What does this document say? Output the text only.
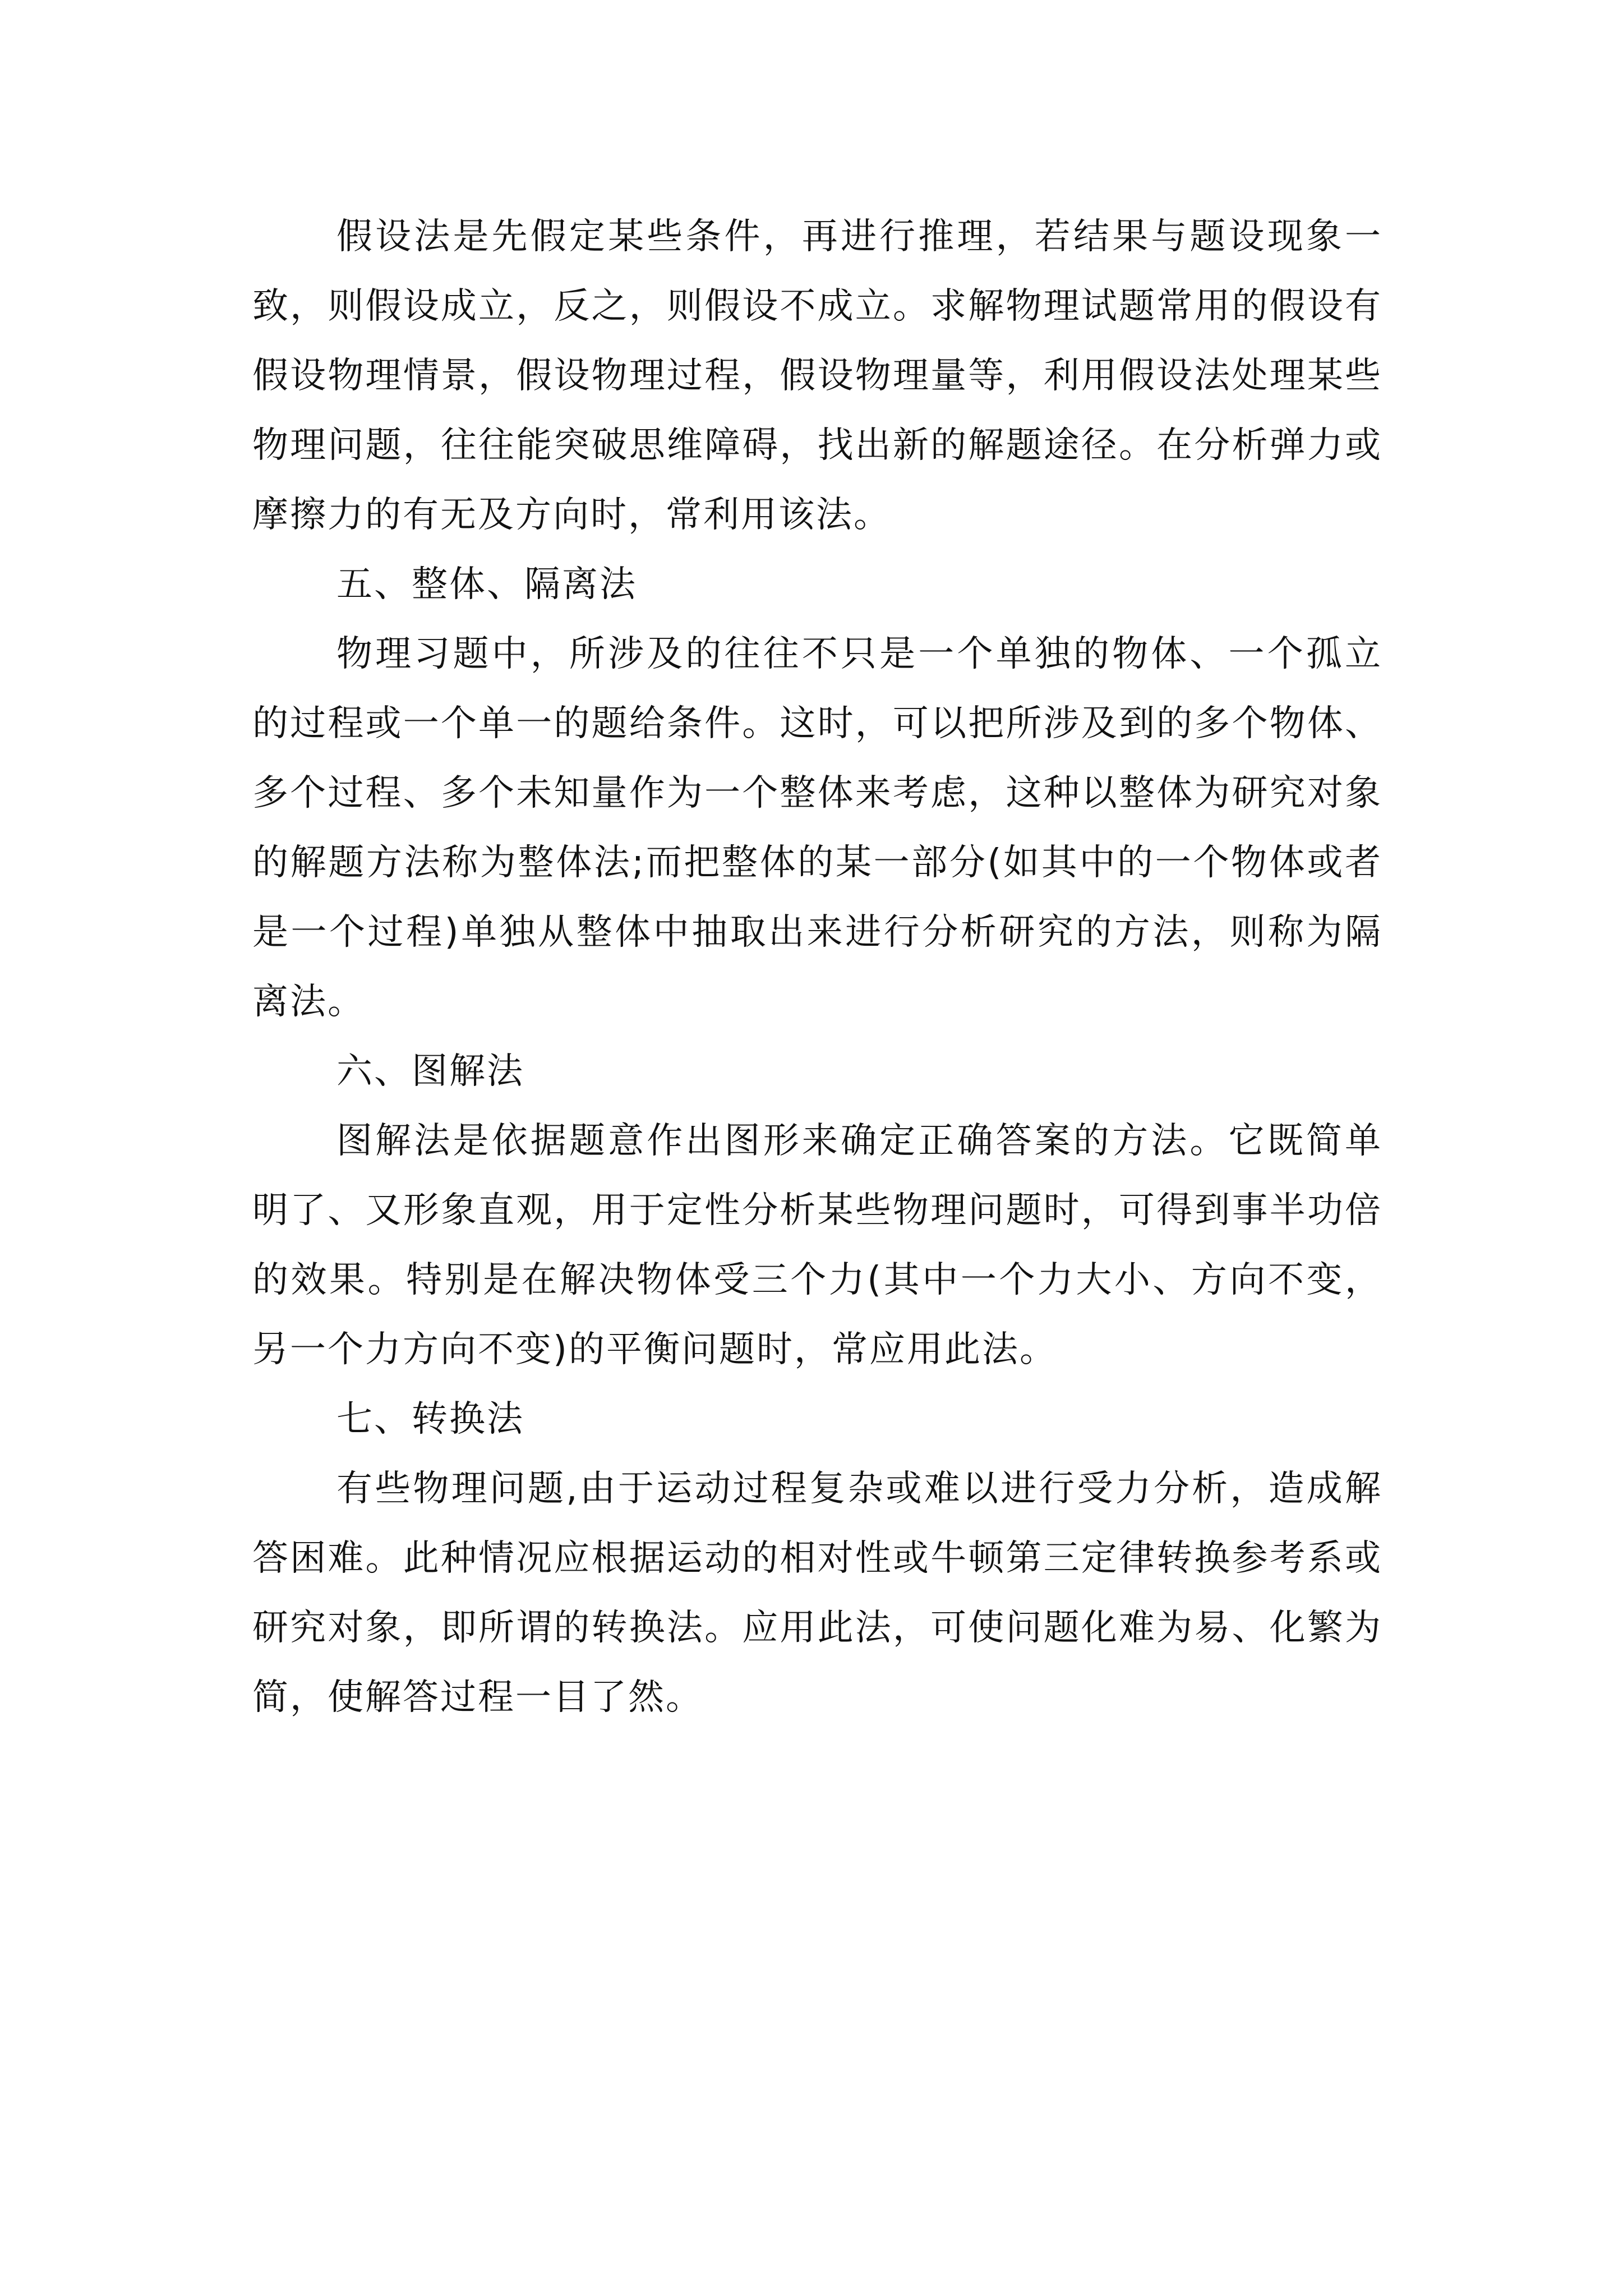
假设法是先假定某些条件，再进行推理，若结果与题设现象一致，则假设成立，反之，则假设不成立。求解物理试题常用的假设有假设物理情景，假设物理过程，假设物理量等，利用假设法处理某些物理问题，往往能突破思维障碍，找出新的解题途径。在分析弹力或摩擦力的有无及方向时，常利用该法。

五、整体、隔离法

物理习题中，所涉及的往往不只是一个单独的物体、一个孤立的过程或一个单一的题给条件。这时，可以把所涉及到的多个物体、多个过程、多个未知量作为一个整体来考虑，这种以整体为研究对象的解题方法称为整体法;而把整体的某一部分(如其中的一个物体或者是一个过程)单独从整体中抽取出来进行分析研究的方法，则称为隔离法。

六、图解法

图解法是依据题意作出图形来确定正确答案的方法。它既简单明了、又形象直观，用于定性分析某些物理问题时，可得到事半功倍的效果。特别是在解决物体受三个力(其中一个力大小、方向不变，另一个力方向不变)的平衡问题时，常应用此法。

七、转换法

有些物理问题,由于运动过程复杂或难以进行受力分析，造成解答困难。此种情况应根据运动的相对性或牛顿第三定律转换参考系或研究对象，即所谓的转换法。应用此法，可使问题化难为易、化繁为简，使解答过程一目了然。
